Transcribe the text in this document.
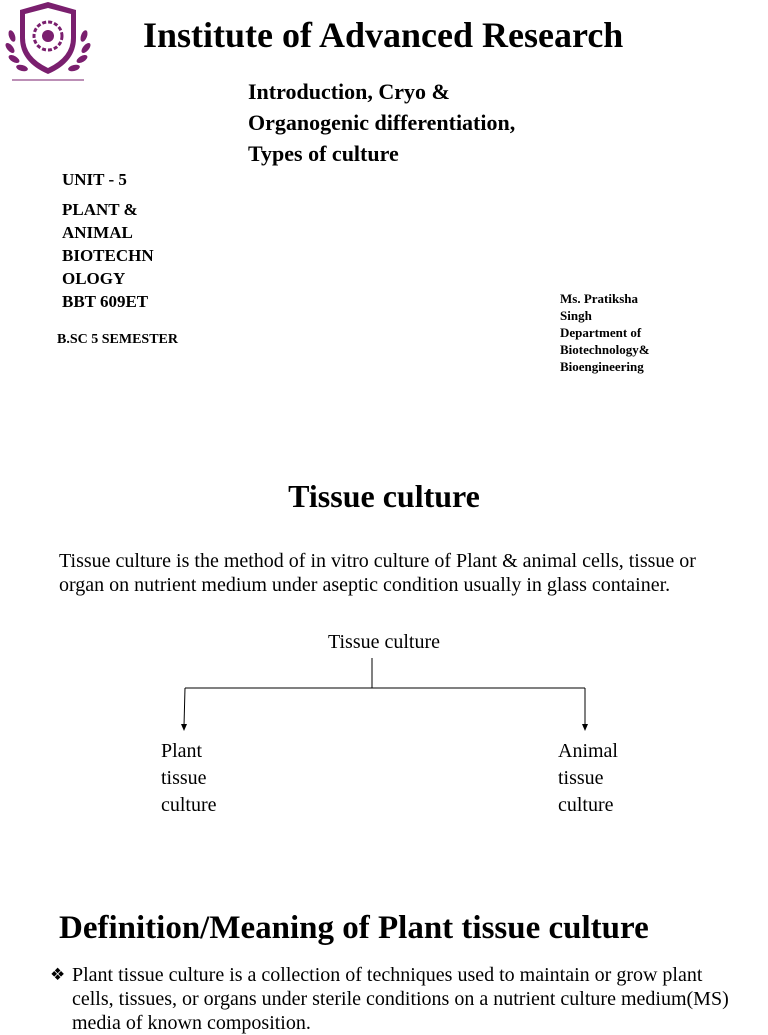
Institute of Advanced Research
Introduction, Cryo & Organogenic differentiation, Types of culture
UNIT - 5
PLANT &
ANIMAL
BIOTECHN
OLOGY
BBT 609ET
B.SC 5 SEMESTER
Ms. Pratiksha
Singh
Department of
Biotechnology&
Bioengineering
Tissue culture
Tissue culture is the method of in vitro culture of Plant & animal cells, tissue or organ on nutrient medium under aseptic condition usually in glass container.
Tissue culture
Plant
tissue
culture
Animal
tissue
culture
Definition/Meaning of Plant tissue culture
❖ Plant tissue culture is a collection of techniques used to maintain or grow plant cells, tissues, or organs under sterile conditions on a nutrient culture medium(MS) media of known composition.
